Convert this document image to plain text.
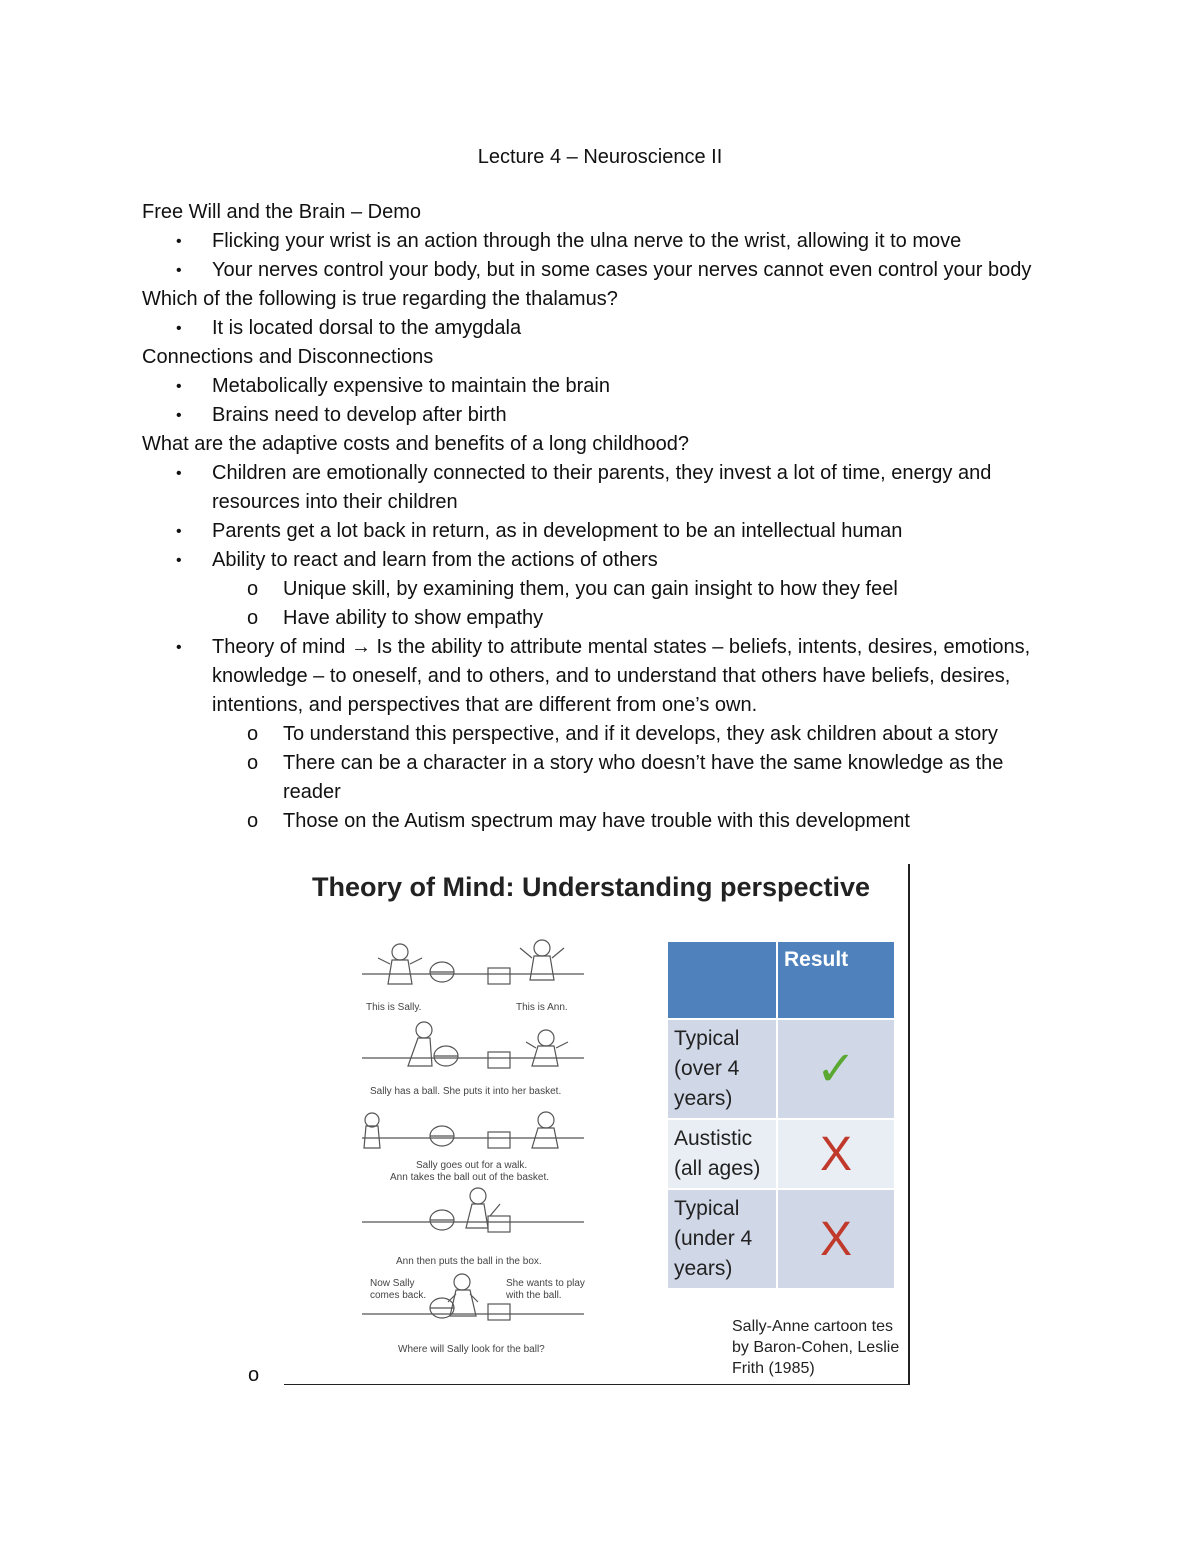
Lecture 4 – Neuroscience II
Free Will and the Brain – Demo
• Flicking your wrist is an action through the ulna nerve to the wrist, allowing it to move
• Your nerves control your body, but in some cases your nerves cannot even control your body
Which of the following is true regarding the thalamus?
• It is located dorsal to the amygdala
Connections and Disconnections
• Metabolically expensive to maintain the brain
• Brains need to develop after birth
What are the adaptive costs and benefits of a long childhood?
• Children are emotionally connected to their parents, they invest a lot of time, energy and resources into their children
• Parents get a lot back in return, as in development to be an intellectual human
• Ability to react and learn from the actions of others
o Unique skill, by examining them, you can gain insight to how they feel
o Have ability to show empathy
• Theory of mind → Is the ability to attribute mental states – beliefs, intents, desires, emotions, knowledge – to oneself, and to others, and to understand that others have beliefs, desires, intentions, and perspectives that are different from one’s own.
o To understand this perspective, and if it develops, they ask children about a story
o There can be a character in a story who doesn’t have the same knowledge as the reader
o Those on the Autism spectrum may have trouble with this development
o
Theory of Mind: Understanding perspective
This is Sally.	This is Ann.
Sally has a ball. She puts it into her basket.
Sally goes out for a walk.
Ann takes the ball out of the basket.
Ann then puts the ball in the box.
Now Sally
comes back.
She wants to play
with the ball.
Where will Sally look for the ball?
	Result
Typical (over 4 years)	✓
Austistic (all ages)	X
Typical (under 4 years)	X
Sally-Anne cartoon tes
by Baron-Cohen, Leslie
Frith (1985)
